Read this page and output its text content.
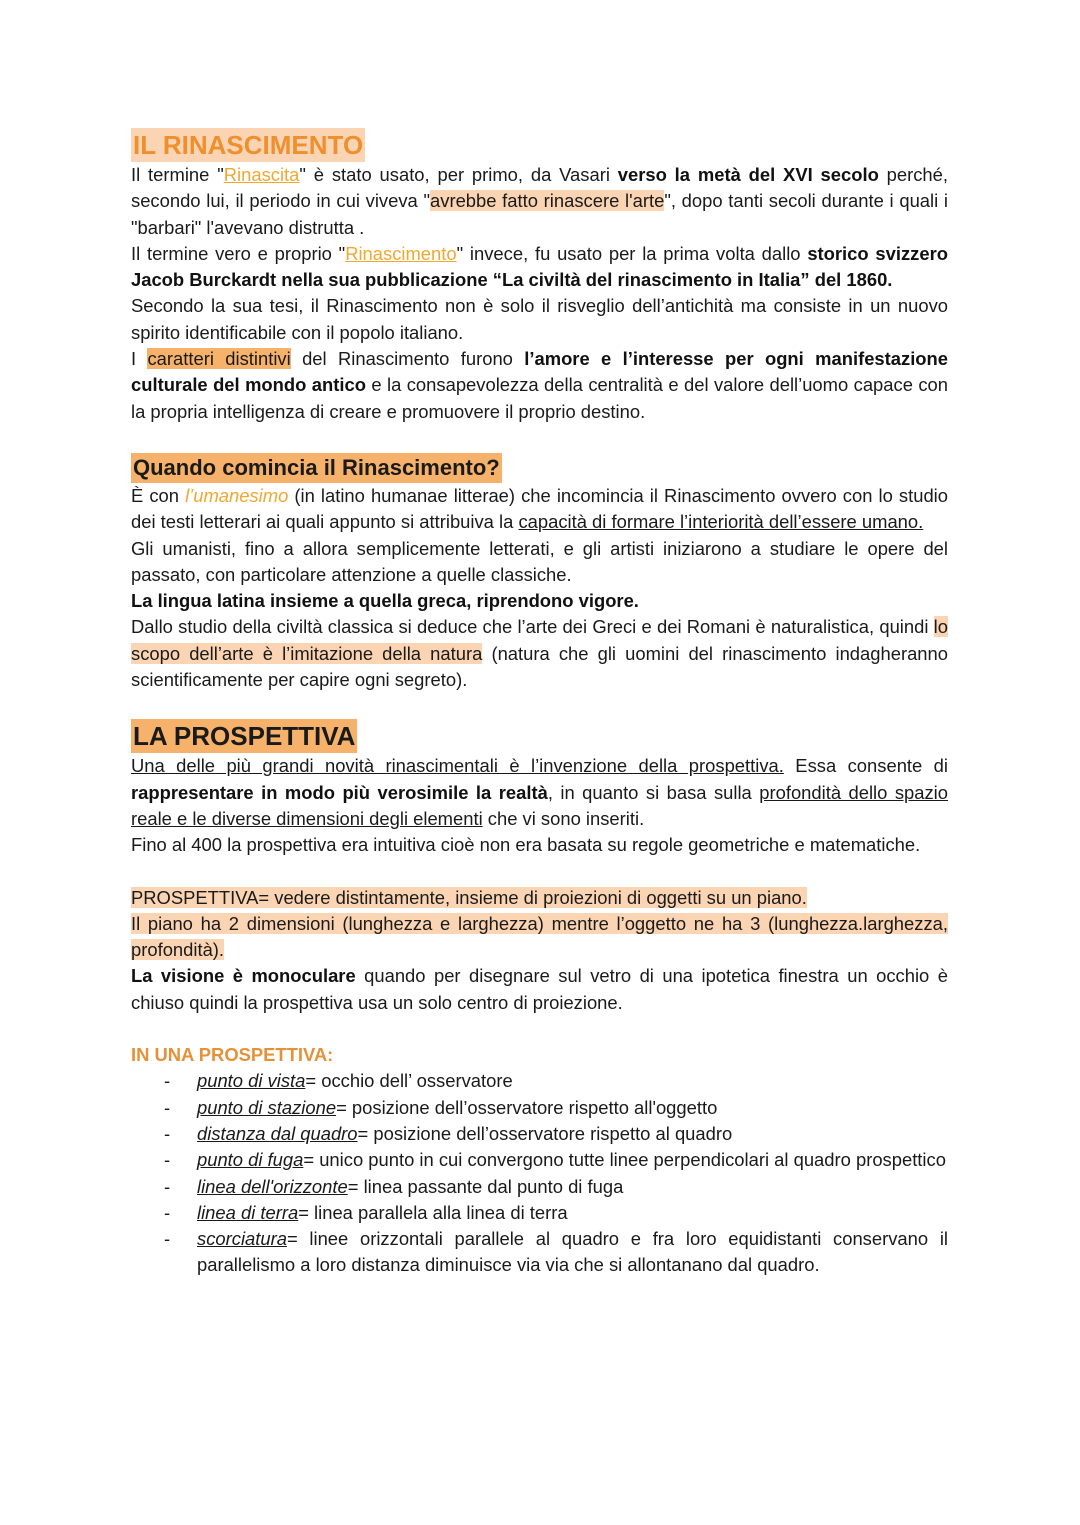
IL RINASCIMENTO

Il termine "Rinascita" è stato usato, per primo, da Vasari verso la metà del XVI secolo perché, secondo lui, il periodo in cui viveva "avrebbe fatto rinascere l'arte", dopo tanti secoli durante i quali i "barbari" l'avevano distrutta .

Il termine vero e proprio "Rinascimento" invece, fu usato per la prima volta dallo storico svizzero Jacob Burckardt nella sua pubblicazione “La civiltà del rinascimento in Italia” del 1860.

Secondo la sua tesi, il Rinascimento non è solo il risveglio dell’antichità ma consiste in un nuovo spirito identificabile con il popolo italiano.

I caratteri distintivi del Rinascimento furono l’amore e l’interesse per ogni manifestazione culturale del mondo antico e la consapevolezza della centralità e del valore dell’uomo capace con la propria intelligenza di creare e promuovere il proprio destino.

Quando comincia il Rinascimento?

È con l’umanesimo (in latino humanae litterae) che incomincia il Rinascimento ovvero con lo studio dei testi letterari ai quali appunto si attribuiva la capacità di formare l’interiorità dell’essere umano.

Gli umanisti, fino a allora semplicemente letterati, e gli artisti iniziarono a studiare le opere del passato, con particolare attenzione a quelle classiche.

La lingua latina insieme a quella greca, riprendono vigore.

Dallo studio della civiltà classica si deduce che l’arte dei Greci e dei Romani è naturalistica, quindi lo scopo dell’arte è l’imitazione della natura (natura che gli uomini del rinascimento indagheranno scientificamente per capire ogni segreto).

LA PROSPETTIVA

Una delle più grandi novità rinascimentali è l’invenzione della prospettiva. Essa consente di rappresentare in modo più verosimile la realtà, in quanto si basa sulla profondità dello spazio reale e le diverse dimensioni degli elementi che vi sono inseriti.

Fino al 400 la prospettiva era intuitiva cioè non era basata su regole geometriche e matematiche.

PROSPETTIVA= vedere distintamente, insieme di proiezioni di oggetti su un piano.

Il piano ha 2 dimensioni (lunghezza e larghezza) mentre l’oggetto ne ha 3 (lunghezza.larghezza, profondità).

La visione è monoculare quando per disegnare sul vetro di una ipotetica finestra un occhio è chiuso quindi la prospettiva usa un solo centro di proiezione.

IN UNA PROSPETTIVA:

- punto di vista= occhio dell’ osservatore
- punto di stazione= posizione dell’osservatore rispetto all'oggetto
- distanza dal quadro= posizione dell’osservatore rispetto al quadro
- punto di fuga= unico punto in cui convergono tutte linee perpendicolari al quadro prospettico
- linea dell'orizzonte= linea passante dal punto di fuga
- linea di terra= linea parallela alla linea di terra
- scorciatura= linee orizzontali parallele al quadro e fra loro equidistanti conservano il parallelismo a loro distanza diminuisce via via che si allontanano dal quadro.
